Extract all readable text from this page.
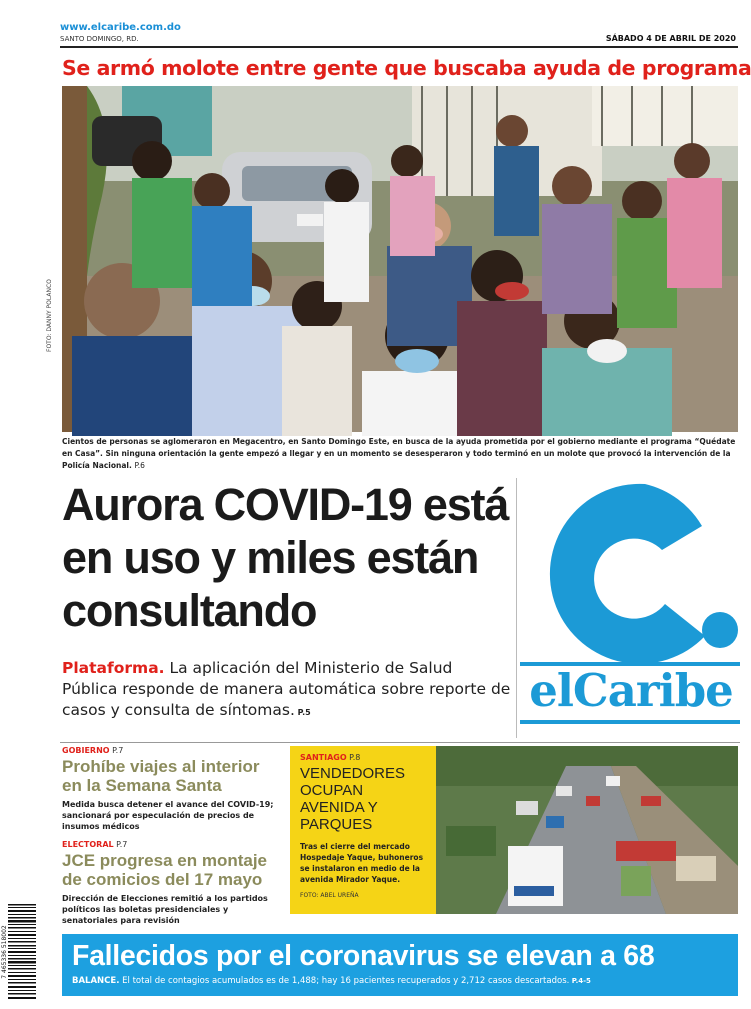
www.elcaribe.com.do
SANTO DOMINGO, RD.	SÁBADO 4 DE ABRIL DE 2020
Se armó molote entre gente que buscaba ayuda de programa
FOTO: DANNY POLANCO
Cientos de personas se aglomeraron en Megacentro, en Santo Domingo Este, en busca de la ayuda prometida por el gobierno mediante el programa “Quédate en Casa”. Sin ninguna orientación la gente empezó a llegar y en un momento se desesperaron y todo terminó en un molote que provocó la intervención de la Policía Nacional. P.6
Aurora COVID-19 está en uso y miles están consultando
Plataforma. La aplicación del Ministerio de Salud Pública responde de manera automática sobre reporte de casos y consulta de síntomas. P.5	elCaribe
GOBIERNO P.7
Prohíbe viajes al interior en la Semana Santa
Medida busca detener el avance del COVID-19; sancionará por especulación de precios de insumos médicos
ELECTORAL P.7
JCE progresa en montaje de comicios del 17 mayo
Dirección de Elecciones remitió a los partidos políticos las boletas presidenciales y senatoriales para revisión
SANTIAGO P.8
VENDEDORES OCUPAN AVENIDA Y PARQUES
Tras el cierre del mercado Hospedaje Yaque, buhoneros se instalaron en medio de la avenida Mirador Yaque.
FOTO: ABEL UREÑA
7 465336 518002 Fallecidos por el coronavirus se elevan a 68
BALANCE. El total de contagios acumulados es de 1,488; hay 16 pacientes recuperados y 2,712 casos descartados. P.4-5
